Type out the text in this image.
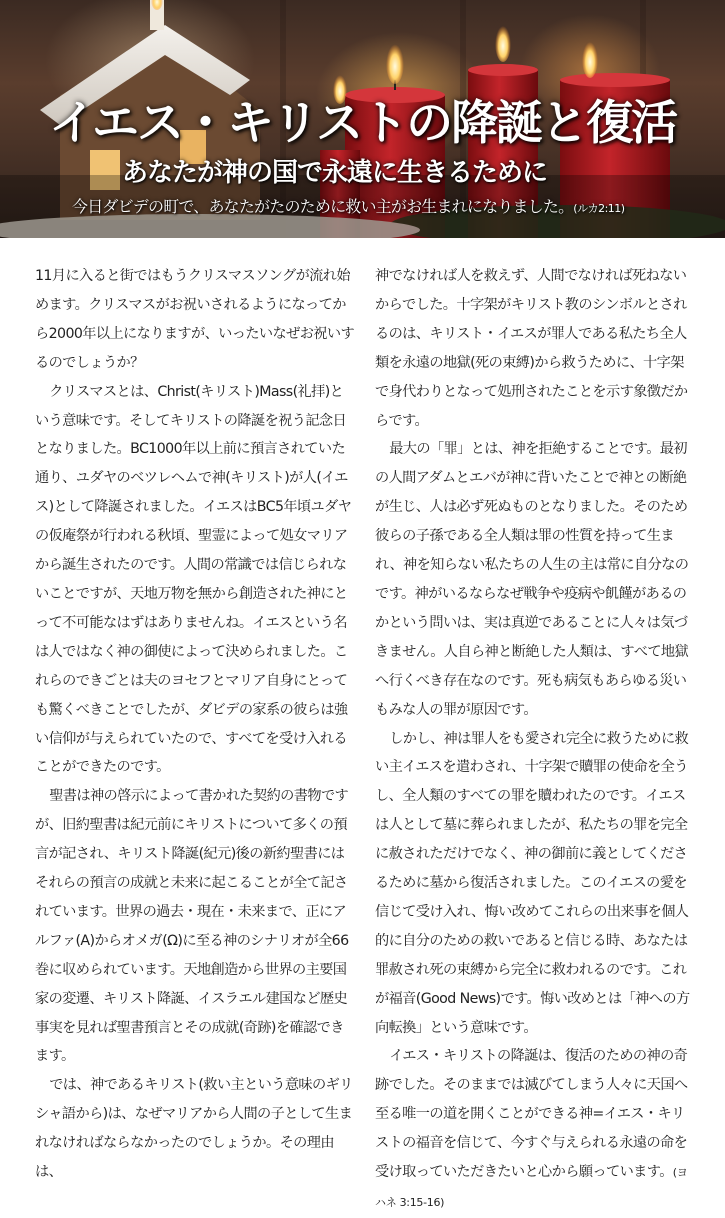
イエス・キリストの降誕と復活
あなたが神の国で永遠に生きるために
今日ダビデの町で、あなたがたのために救い主がお生まれになりました。(ルカ2:11)

11月に入ると街ではもうクリスマスソングが流れ始めます。クリスマスがお祝いされるようになってから2000年以上になりますが、いったいなぜお祝いするのでしょうか？

クリスマスとは、Christ(キリスト)Mass(礼拝)という意味です。そしてキリストの降誕を祝う記念日となりました。BC1000年以上前に預言されていた通り、ユダヤのベツレヘムで神(キリスト)が人(イエス)として降誕されました。イエスはBC5年頃ユダヤの仮庵祭が行われる秋頃、聖霊によって処女マリアから誕生されたのです。人間の常識では信じられないことですが、天地万物を無から創造された神にとって不可能なはずはありませんね。イエスという名は人ではなく神の御使によって決められました。これらのできごとは夫のヨセフとマリア自身にとっても驚くべきことでしたが、ダビデの家系の彼らは強い信仰が与えられていたので、すべてを受け入れることができたのです。

聖書は神の啓示によって書かれた契約の書物ですが、旧約聖書は紀元前にキリストについて多くの預言が記され、キリスト降誕(紀元)後の新約聖書にはそれらの預言の成就と未来に起こることが全て記されています。世界の過去・現在・未来まで、正にアルファ(Α)からオメガ(Ω)に至る神のシナリオが全66巻に収められています。天地創造から世界の主要国家の変遷、キリスト降誕、イスラエル建国など歴史事実を見れば聖書預言とその成就(奇跡)を確認できます。

では、神であるキリスト(救い主という意味のギリシャ語から)は、なぜマリアから人間の子として生まれなければならなかったのでしょうか。その理由は、

神でなければ人を救えず、人間でなければ死ねないからでした。十字架がキリスト教のシンボルとされるのは、キリスト・イエスが罪人である私たち全人類を永遠の地獄(死の束縛)から救うために、十字架で身代わりとなって処刑されたことを示す象徴だからです。

最大の「罪」とは、神を拒絶することです。最初の人間アダムとエバが神に背いたことで神との断絶が生じ、人は必ず死ぬものとなりました。そのため彼らの子孫である全人類は罪の性質を持って生まれ、神を知らない私たちの人生の主は常に自分なのです。神がいるならなぜ戦争や疫病や飢饉があるのかという問いは、実は真逆であることに人々は気づきません。人自ら神と断絶した人類は、すべて地獄へ行くべき存在なのです。死も病気もあらゆる災いもみな人の罪が原因です。

しかし、神は罪人をも愛され完全に救うために救い主イエスを遣わされ、十字架で贖罪の使命を全うし、全人類のすべての罪を贖われたのです。イエスは人として墓に葬られましたが、私たちの罪を完全に赦されただけでなく、神の御前に義としてくださるために墓から復活されました。このイエスの愛を信じて受け入れ、悔い改めてこれらの出来事を個人的に自分のための救いであると信じる時、あなたは罪赦され死の束縛から完全に救われるのです。これが福音(Good News)です。悔い改めとは「神への方向転換」という意味です。

イエス・キリストの降誕は、復活のための神の奇跡でした。そのままでは滅びてしまう人々に天国へ至る唯一の道を開くことができる神=イエス・キリストの福音を信じて、今すぐ与えられる永遠の命を受け取っていただきたいと心から願っています。(ヨハネ 3:15-16)
